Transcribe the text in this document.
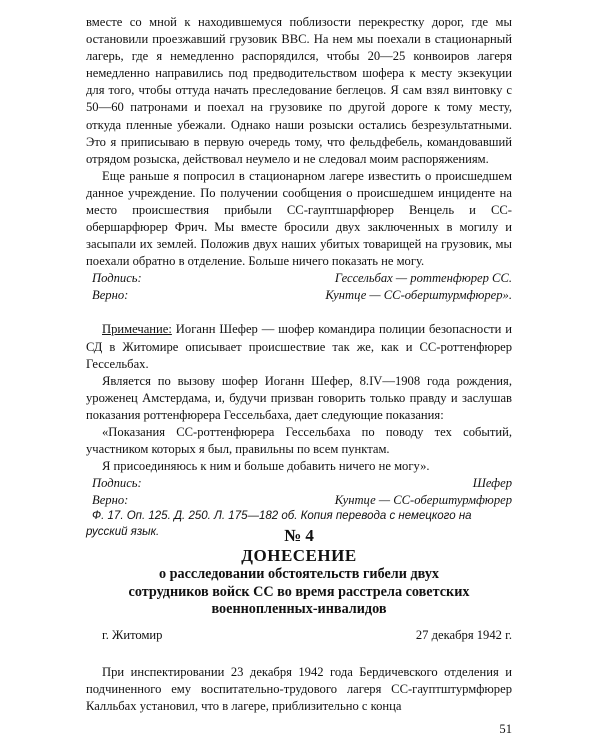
вместе со мной к находившемуся поблизости перекрестку дорог, где мы остановили проезжавший грузовик ВВС. На нем мы поехали в стационарный лагерь, где я немедленно распорядился, чтобы 20—25 конвоиров лагеря немедленно направились под предводительством шофера к месту экзекуции для того, чтобы оттуда начать преследование беглецов. Я сам взял винтовку с 50—60 патронами и поехал на грузовике по другой дороге к тому месту, откуда пленные убежали. Однако наши розыски остались безрезультатными. Это я приписываю в первую очередь тому, что фельдфебель, командовавший отрядом розыска, действовал неумело и не следовал моим распоряжениям.

Еще раньше я попросил в стационарном лагере известить о происшедшем данное учреждение. По получении сообщения о происшедшем инциденте на место происшествия прибыли СС-гауптшарфюрер Венцель и СС-обершарфюрер Фрич. Мы вместе бросили двух заключенных в могилу и засыпали их землей. Положив двух наших убитых товарищей на грузовик, мы поехали обратно в отделение. Больше ничего показать не могу.

Подпись:	Гессельбах — роттенфюрер СС.
Верно:	Кунтце — СС-оберштурмфюрер».

Примечание: Иоганн Шефер — шофер командира полиции безопасности и СД в Житомире описывает происшествие так же, как и СС-роттенфюрер Гессельбах.

Является по вызову шофер Иоганн Шефер, 8.IV—1908 года рождения, уроженец Амстердама, и, будучи призван говорить только правду и заслушав показания роттенфюрера Гессельбаха, дает следующие показания:

«Показания СС-роттенфюрера Гессельбаха по поводу тех событий, участником которых я был, правильны по всем пунктам.

Я присоединяюсь к ним и больше добавить ничего не могу».

Подпись:	Шефер
Верно:	Кунтце — СС-оберштурмфюрер

Ф. 17. Оп. 125. Д. 250. Л. 175—182 об. Копия перевода с немецкого на русский язык.	№ 4
ДОНЕСЕНИЕ
о расследовании обстоятельств гибели двух
сотрудников войск СС во время расстрела советских
военнопленных-инвалидов
г. Житомир	27 декабря 1942 г.

При инспектировании 23 декабря 1942 года Бердичевского отделения и подчиненного ему воспитательно-трудового лагеря СС-гауптштурмфюрер Калльбах установил, что в лагере, приблизительно с конца

51
